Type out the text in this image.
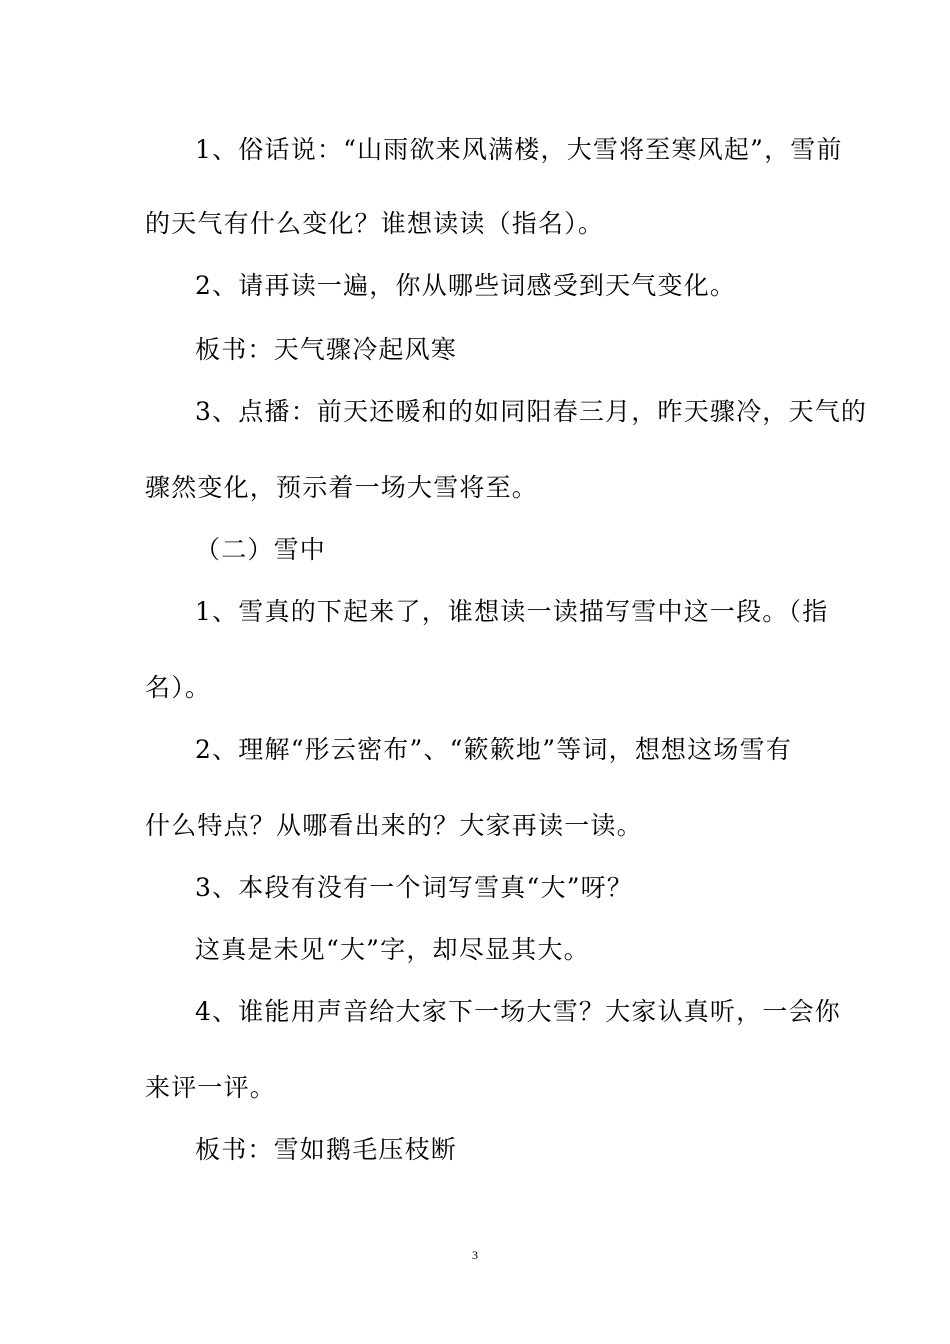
1、俗话说：“山雨欲来风满楼，大雪将至寒风起”，雪前
的天气有什么变化？谁想读读（指名）。
2、请再读一遍，你从哪些词感受到天气变化。
板书：天气骤冷起风寒
3、点播：前天还暖和的如同阳春三月，昨天骤冷，天气的
骤然变化，预示着一场大雪将至。
（二）雪中
1、雪真的下起来了，谁想读一读描写雪中这一段。（指
名）。
2、理解“彤云密布”、“簌簌地”等词，想想这场雪有
什么特点？从哪看出来的？大家再读一读。
3、本段有没有一个词写雪真“大”呀？
这真是未见“大”字，却尽显其大。
4、谁能用声音给大家下一场大雪？大家认真听，一会你
来评一评。
板书：雪如鹅毛压枝断
3
